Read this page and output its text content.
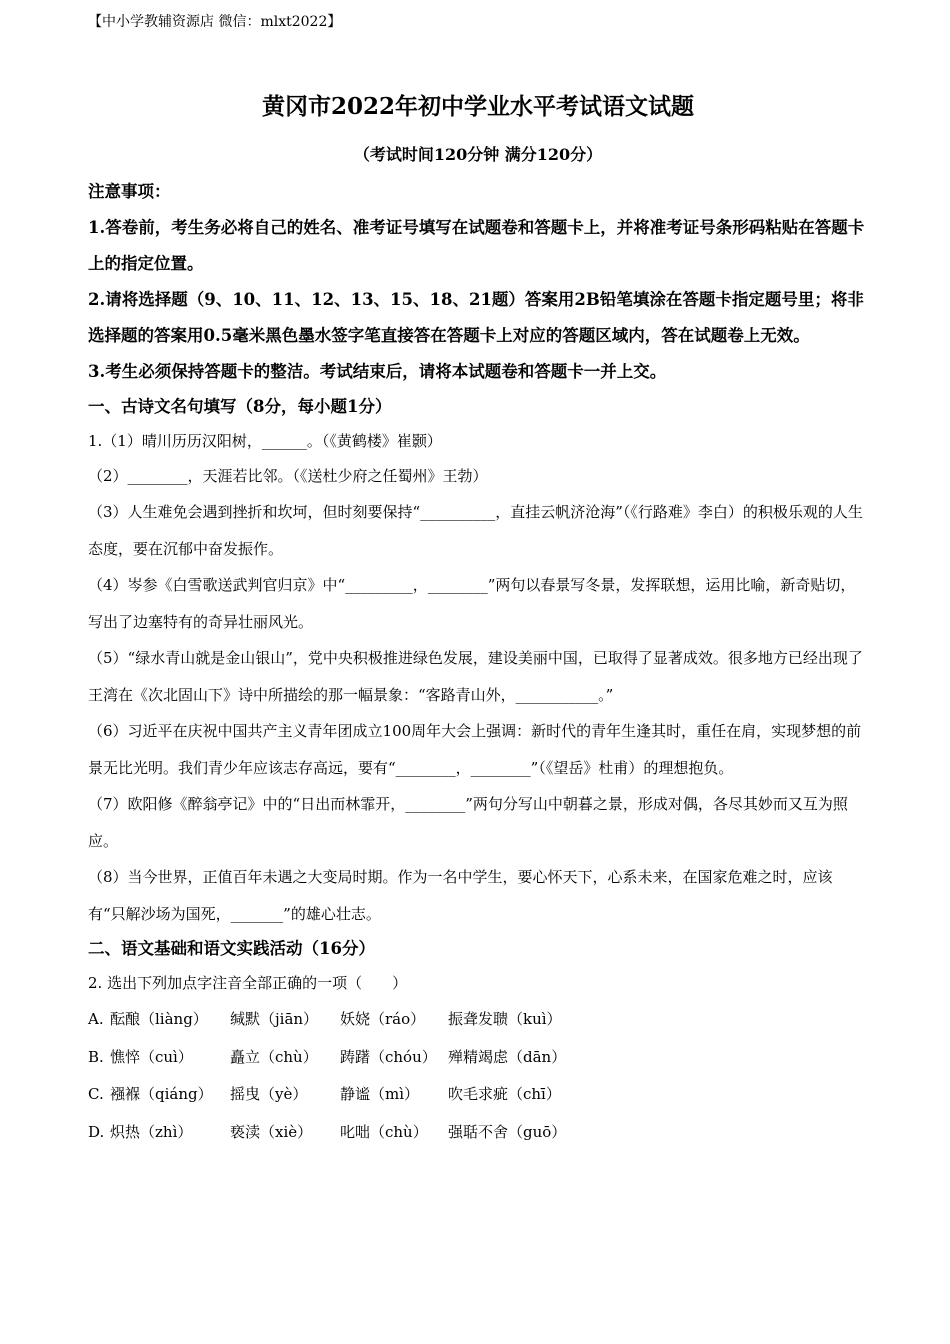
【中小学教辅资源店 微信：mlxt2022】
黄冈市2022年初中学业水平考试语文试题
（考试时间120分钟 满分120分）
注意事项：
1.答卷前，考生务必将自己的姓名、准考证号填写在试题卷和答题卡上，并将准考证号条形码粘贴在答题卡上的指定位置。
2.请将选择题（9、10、11、12、13、15、18、21题）答案用2B铅笔填涂在答题卡指定题号里；将非选择题的答案用0.5毫米黑色墨水签字笔直接答在答题卡上对应的答题区域内，答在试题卷上无效。
3.考生必须保持答题卡的整洁。考试结束后，请将本试题卷和答题卡一并上交。
一、古诗文名句填写（8分，每小题1分）
1.（1）晴川历历汉阳树，______。（《黄鹤楼》崔颢）
（2）________，天涯若比邻。（《送杜少府之任蜀州》王勃）
（3）人生难免会遇到挫折和坎坷，但时刻要保持“__________，直挂云帆济沧海”（《行路难》李白）的积极乐观的人生态度，要在沉郁中奋发振作。
（4）岑参《白雪歌送武判官归京》中“_________，________”两句以春景写冬景，发挥联想，运用比喻，新奇贴切，写出了边塞特有的奇异壮丽风光。
（5）“绿水青山就是金山银山”，党中央积极推进绿色发展，建设美丽中国，已取得了显著成效。很多地方已经出现了王湾在《次北固山下》诗中所描绘的那一幅景象：“客路青山外，___________。”
（6）习近平在庆祝中国共产主义青年团成立100周年大会上强调：新时代的青年生逢其时，重任在肩，实现梦想的前景无比光明。我们青少年应该志存高远，要有“________，________”（《望岳》杜甫）的理想抱负。
（7）欧阳修《醉翁亭记》中的“日出而林霏开，________”两句分写山中朝暮之景，形成对偶，各尽其妙而又互为照应。
（8）当今世界，正值百年未遇之大变局时期。作为一名中学生，要心怀天下，心系未来，在国家危难之时，应该有“只解沙场为国死，_______”的雄心壮志。
二、语文基础和语文实践活动（16分）
2. 选出下列加点字注音全部正确的一项（　　）
A. 酝酿（liàng）	缄默（jiān）	妖娆（ráo）	振聋发聩（kuì）
B. 憔悴（cuì）	矗立（chù）	踌躇（chóu） 殚精竭虑（dān）
C. 襁褓（qiáng）	摇曳（yè）	静谧（mì）	吹毛求疵（chī）
D. 炽热（zhì）	亵渎（xiè）	叱咄（chù）	强聒不舍（guō）
